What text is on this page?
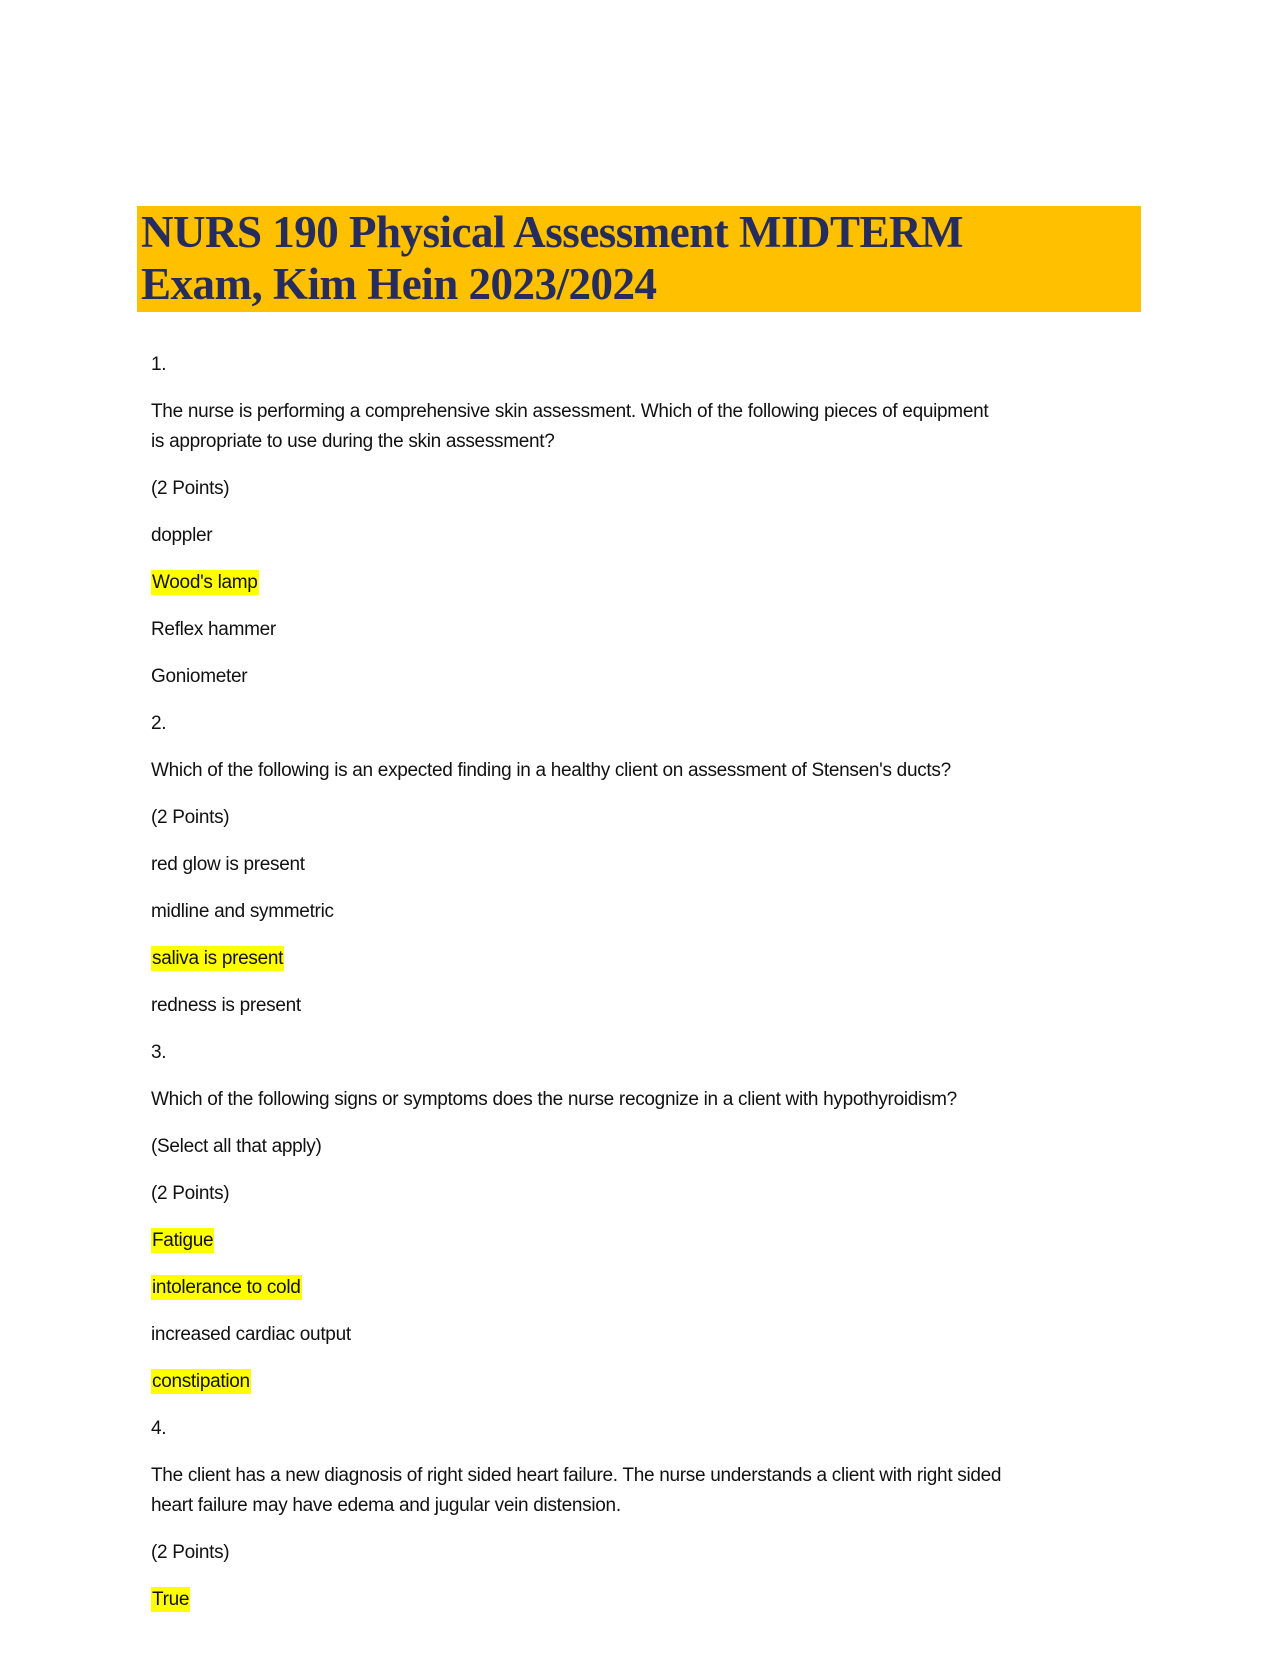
NURS 190 Physical Assessment MIDTERM
Exam, Kim Hein 2023/2024

1.

The nurse is performing a comprehensive skin assessment. Which of the following pieces of equipment
is appropriate to use during the skin assessment?

(2 Points)

doppler

Wood's lamp

Reflex hammer

Goniometer

2.

Which of the following is an expected finding in a healthy client on assessment of Stensen's ducts?

(2 Points)

red glow is present

midline and symmetric

saliva is present

redness is present

3.

Which of the following signs or symptoms does the nurse recognize in a client with hypothyroidism?

(Select all that apply)

(2 Points)

Fatigue

intolerance to cold

increased cardiac output

constipation

4.

The client has a new diagnosis of right sided heart failure. The nurse understands a client with right sided
heart failure may have edema and jugular vein distension.

(2 Points)

True
